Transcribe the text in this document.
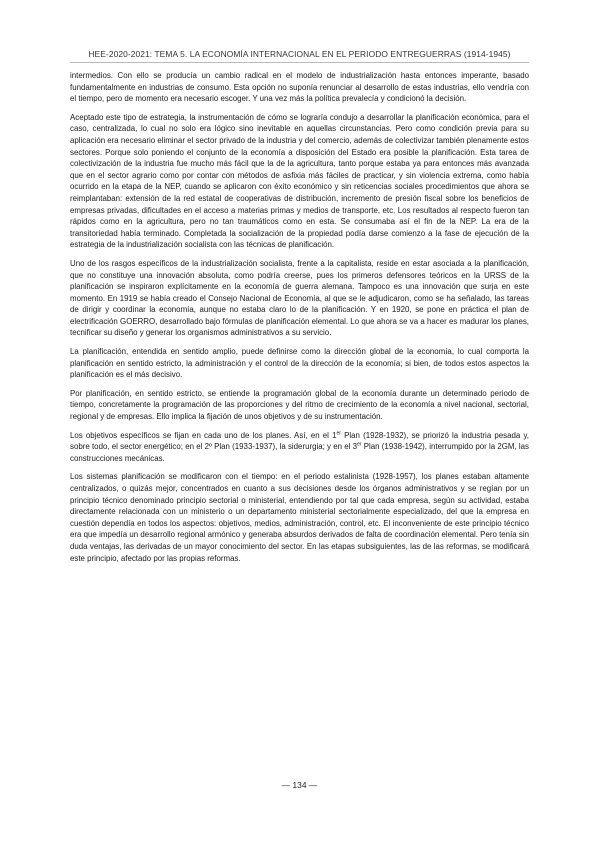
HEE-2020-2021: TEMA 5. LA ECONOMÍA INTERNACIONAL EN EL PERIODO ENTREGUERRAS (1914-1945)

intermedios. Con ello se producía un cambio radical en el modelo de industrialización hasta entonces imperante, basado fundamentalmente en industrias de consumo. Esta opción no suponía renunciar al desarrollo de estas industrias, ello vendría con el tiempo, pero de momento era necesario escoger. Y una vez más la política prevalecía y condicionó la decisión.

Aceptado este tipo de estrategia, la instrumentación de cómo se lograría condujo a desarrollar la planificación económica, para el caso, centralizada, lo cual no solo era lógico sino inevitable en aquellas circunstancias. Pero como condición previa para su aplicación era necesario eliminar el sector privado de la industria y del comercio, además de colectivizar también plenamente estos sectores. Porque solo poniendo el conjunto de la economía a disposición del Estado era posible la planificación. Esta tarea de colectivización de la industria fue mucho más fácil que la de la agricultura, tanto porque estaba ya para entonces más avanzada que en el sector agrario como por contar con métodos de asfixia más fáciles de practicar, y sin violencia extrema, como había ocurrido en la etapa de la NEP, cuando se aplicaron con éxito económico y sin reticencias sociales procedimientos que ahora se reimplantaban: extensión de la red estatal de cooperativas de distribución, incremento de presión fiscal sobre los beneficios de empresas privadas, dificultades en el acceso a materias primas y medios de transporte, etc. Los resultados al respecto fueron tan rápidos como en la agricultura, pero no tan traumáticos como en esta. Se consumaba así el fin de la NEP. La era de la transitoriedad había terminado. Completada la socialización de la propiedad podía darse comienzo a la fase de ejecución de la estrategia de la industrialización socialista con las técnicas de planificación.

Uno de los rasgos específicos de la industrialización socialista, frente a la capitalista, reside en estar asociada a la planificación, que no constituye una innovación absoluta, como podría creerse, pues los primeros defensores teóricos en la URSS de la planificación se inspiraron explícitamente en la economía de guerra alemana. Tampoco es una innovación que surja en este momento. En 1919 se había creado el Consejo Nacional de Economía, al que se le adjudicaron, como se ha señalado, las tareas de dirigir y coordinar la economía, aunque no estaba claro lo de la planificación. Y en 1920, se pone en práctica el plan de electrificación GOERRO, desarrollado bajo fórmulas de planificación elemental. Lo que ahora se va a hacer es madurar los planes, tecnificar su diseño y generar los organismos administrativos a su servicio.

La planificación, entendida en sentido amplio, puede definirse como la dirección global de la economía, lo cual comporta la planificación en sentido estricto, la administración y el control de la dirección de la economía; si bien, de todos estos aspectos la planificación es el más decisivo.

Por planificación, en sentido estricto, se entiende la programación global de la economía durante un determinado periodo de tiempo, concretamente la programación de las proporciones y del ritmo de crecimiento de la economía a nivel nacional, sectorial, regional y de empresas. Ello implica la fijación de unos objetivos y de su instrumentación.

Los objetivos específicos se fijan en cada uno de los planes. Así, en el 1er Plan (1928-1932), se priorizó la industria pesada y, sobre todo, el sector energético; en el 2º Plan (1933-1937), la siderurgia; y en el 3er Plan (1938-1942), interrumpido por la 2GM, las construcciones mecánicas.

Los sistemas planificación se modificaron con el tiempo: en el periodo estalinista (1928-1957), los planes estaban altamente centralizados, o quizás mejor, concentrados en cuanto a sus decisiones desde los órganos administrativos y se regían por un principio técnico denominado principio sectorial o ministerial, entendiendo por tal que cada empresa, según su actividad, estaba directamente relacionada con un ministerio o un departamento ministerial sectorialmente especializado, del que la empresa en cuestión dependía en todos los aspectos: objetivos, medios, administración, control, etc. El inconveniente de este principio técnico era que impedía un desarrollo regional armónico y generaba absurdos derivados de falta de coordinación elemental. Pero tenía sin duda ventajas, las derivadas de un mayor conocimiento del sector. En las etapas subsiguientes, las de las reformas, se modificará este principio, afectado por las propias reformas.

— 134 —
